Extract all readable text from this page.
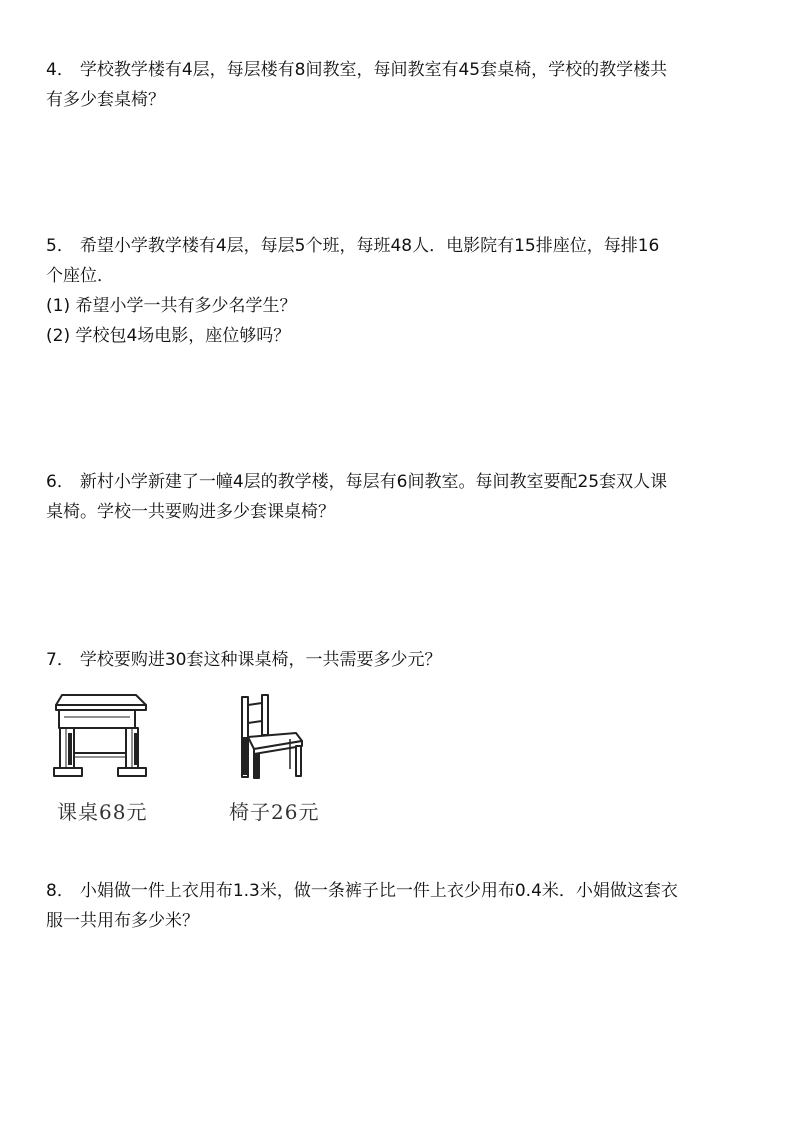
4． 学校教学楼有4层，每层楼有8间教室，每间教室有45套桌椅，学校的教学楼共
有多少套桌椅？
5． 希望小学教学楼有4层，每层5个班，每班48人．电影院有15排座位，每排16
个座位．
(1) 希望小学一共有多少名学生？
(2) 学校包4场电影，座位够吗？
6． 新村小学新建了一幢4层的教学楼，每层有6间教室。每间教室要配25套双人课
桌椅。学校一共要购进多少套课桌椅？
7． 学校要购进30套这种课桌椅，一共需要多少元？
课桌68元	椅子26元
8． 小娟做一件上衣用布1.3米，做一条裤子比一件上衣少用布0.4米．小娟做这套衣
服一共用布多少米？
